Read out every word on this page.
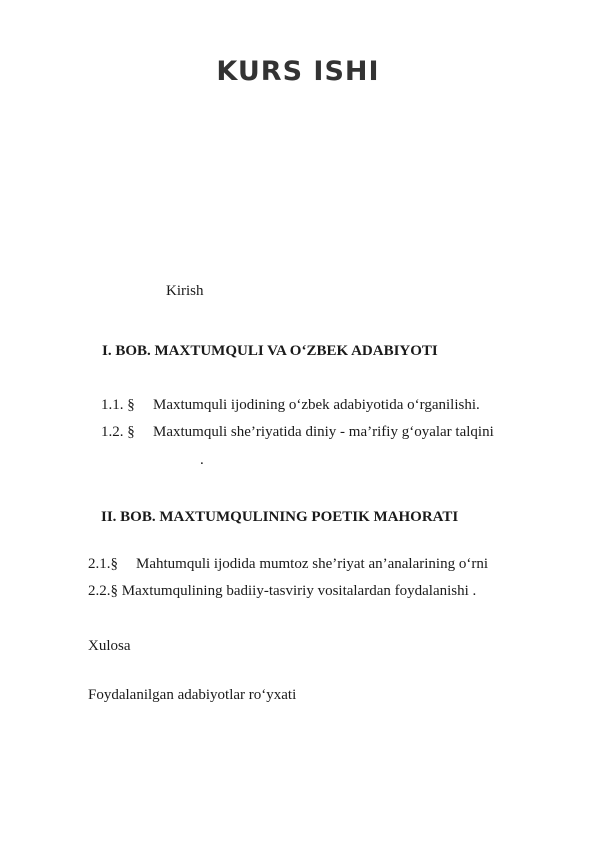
KURS ISHI
Kirish
I. BOB. MAXTUMQULI VA O‘ZBEK ADABIYOTI
1.1. § Maxtumquli ijodining o‘zbek adabiyotida o‘rganilishi.
1.2. § Maxtumquli she’riyatida diniy - ma’rifiy g‘oyalar talqini
.
II. BOB. MAXTUMQULINING POETIK MAHORATI
2.1.§ Mahtumquli ijodida mumtoz she’riyat an’analarining o‘rni
2.2.§ Maxtumqulining badiiy-tasviriy vositalardan foydalanishi .
Xulosa
Foydalanilgan adabiyotlar ro‘yxati
